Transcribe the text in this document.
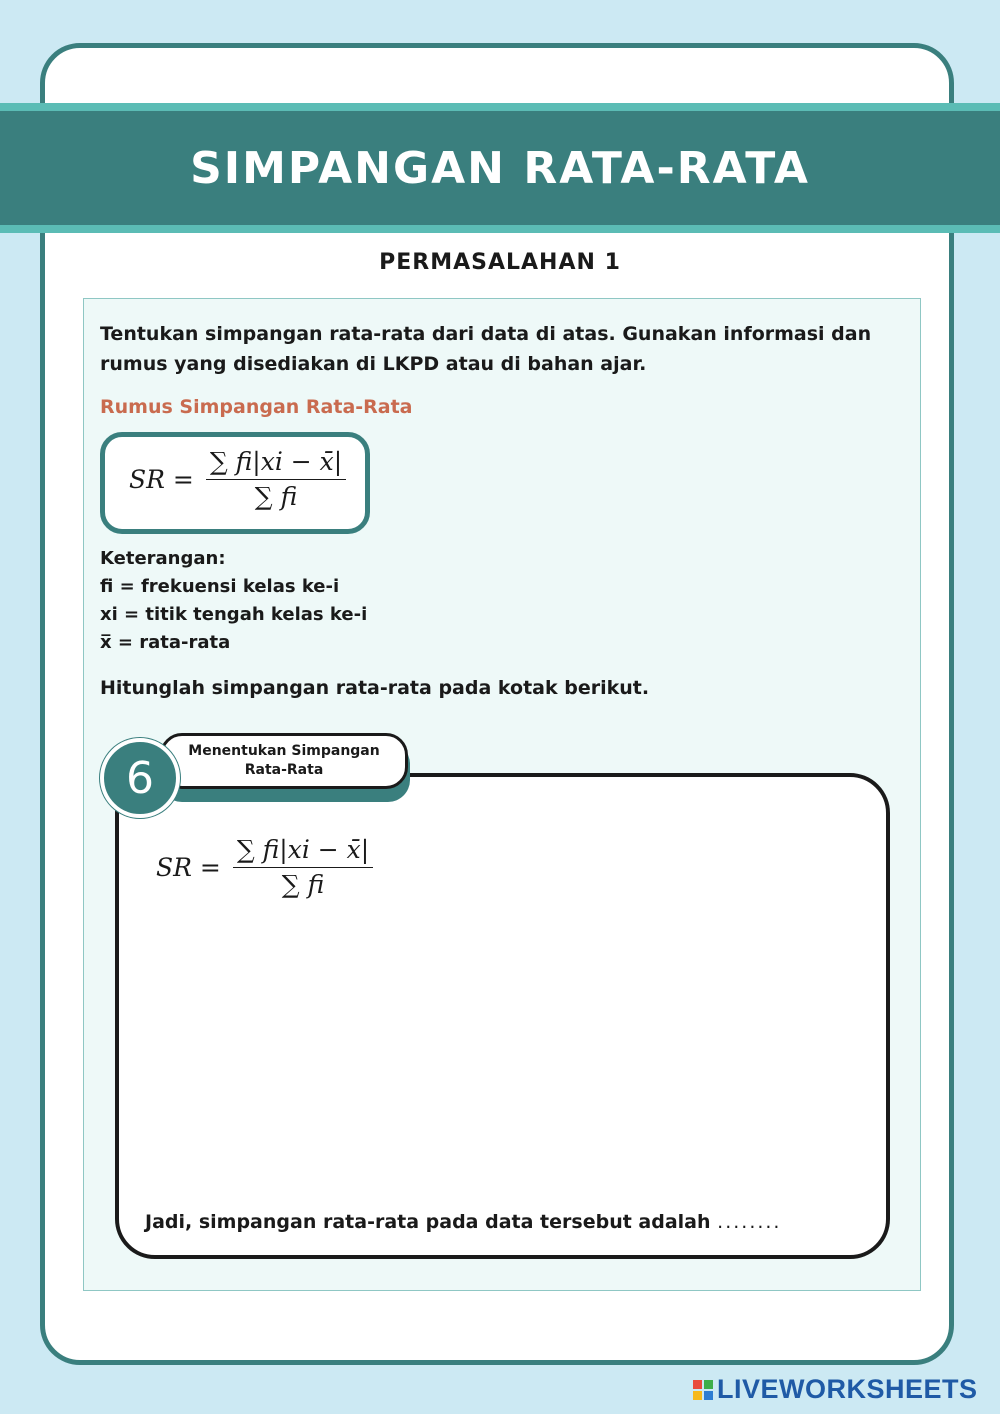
SIMPANGAN RATA-RATA
PERMASALAHAN 1
Tentukan simpangan rata-rata dari data di atas. Gunakan informasi dan rumus yang disediakan di LKPD atau di bahan ajar.
Rumus Simpangan Rata-Rata
SR = $\frac{\sum fi|xi - x̄|}{\sum fi}$
Keterangan:
fi = frekuensi kelas ke-i
xi = titik tengah kelas ke-i
x̅ = rata-rata
Hitunglah simpangan rata-rata pada kotak berikut.
SR = $\frac{\sum fi|xi - x̄|}{\sum fi}$
Menentukan Simpangan Rata-Rata
6
Jadi, simpangan rata-rata pada data tersebut adalah ........
LIVEWORKSHEETS
